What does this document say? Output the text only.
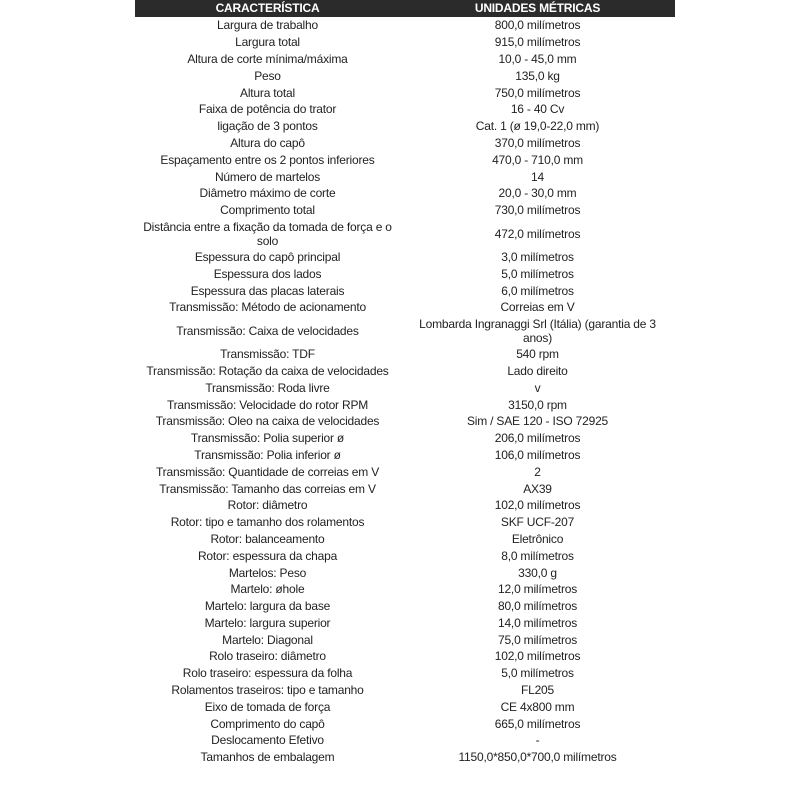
CARACTERÍSTICA	UNIDADES MÉTRICAS
Largura de trabalho	800,0 milímetros
Largura total	915,0 milímetros
Altura de corte mínima/máxima	10,0 - 45,0 mm
Peso	135,0 kg
Altura total	750,0 milímetros
Faixa de potência do trator	16 - 40 Cv
ligação de 3 pontos	Cat. 1 (ø 19,0-22,0 mm)
Altura do capô	370,0 milímetros
Espaçamento entre os 2 pontos inferiores	470,0 - 710,0 mm
Número de martelos	14
Diâmetro máximo de corte	20,0 - 30,0 mm
Comprimento total	730,0 milímetros
Distância entre a fixação da tomada de força e o solo	472,0 milímetros
Espessura do capô principal	3,0 milímetros
Espessura dos lados	5,0 milímetros
Espessura das placas laterais	6,0 milímetros
Transmissão: Método de acionamento	Correias em V
Transmissão: Caixa de velocidades	Lombarda Ingranaggi Srl (Itália) (garantia de 3 anos)
Transmissão: TDF	540 rpm
Transmissão: Rotação da caixa de velocidades	Lado direito
Transmissão: Roda livre	v
Transmissão: Velocidade do rotor RPM	3150,0 rpm
Transmissão: Oleo na caixa de velocidades	Sim / SAE 120 - ISO 72925
Transmissão: Polia superior ø	206,0 milímetros
Transmissão: Polia inferior ø	106,0 milímetros
Transmissão: Quantidade de correias em V	2
Transmissão: Tamanho das correias em V	AX39
Rotor: diâmetro	102,0 milímetros
Rotor: tipo e tamanho dos rolamentos	SKF UCF-207
Rotor: balanceamento	Eletrônico
Rotor: espessura da chapa	8,0 milímetros
Martelos: Peso	330,0 g
Martelo: øhole	12,0 milímetros
Martelo: largura da base	80,0 milímetros
Martelo: largura superior	14,0 milímetros
Martelo: Diagonal	75,0 milímetros
Rolo traseiro: diâmetro	102,0 milímetros
Rolo traseiro: espessura da folha	5,0 milímetros
Rolamentos traseiros: tipo e tamanho	FL205
Eixo de tomada de força	CE 4x800 mm
Comprimento do capô	665,0 milímetros
Deslocamento Efetivo	-
Tamanhos de embalagem	1150,0*850,0*700,0 milímetros
